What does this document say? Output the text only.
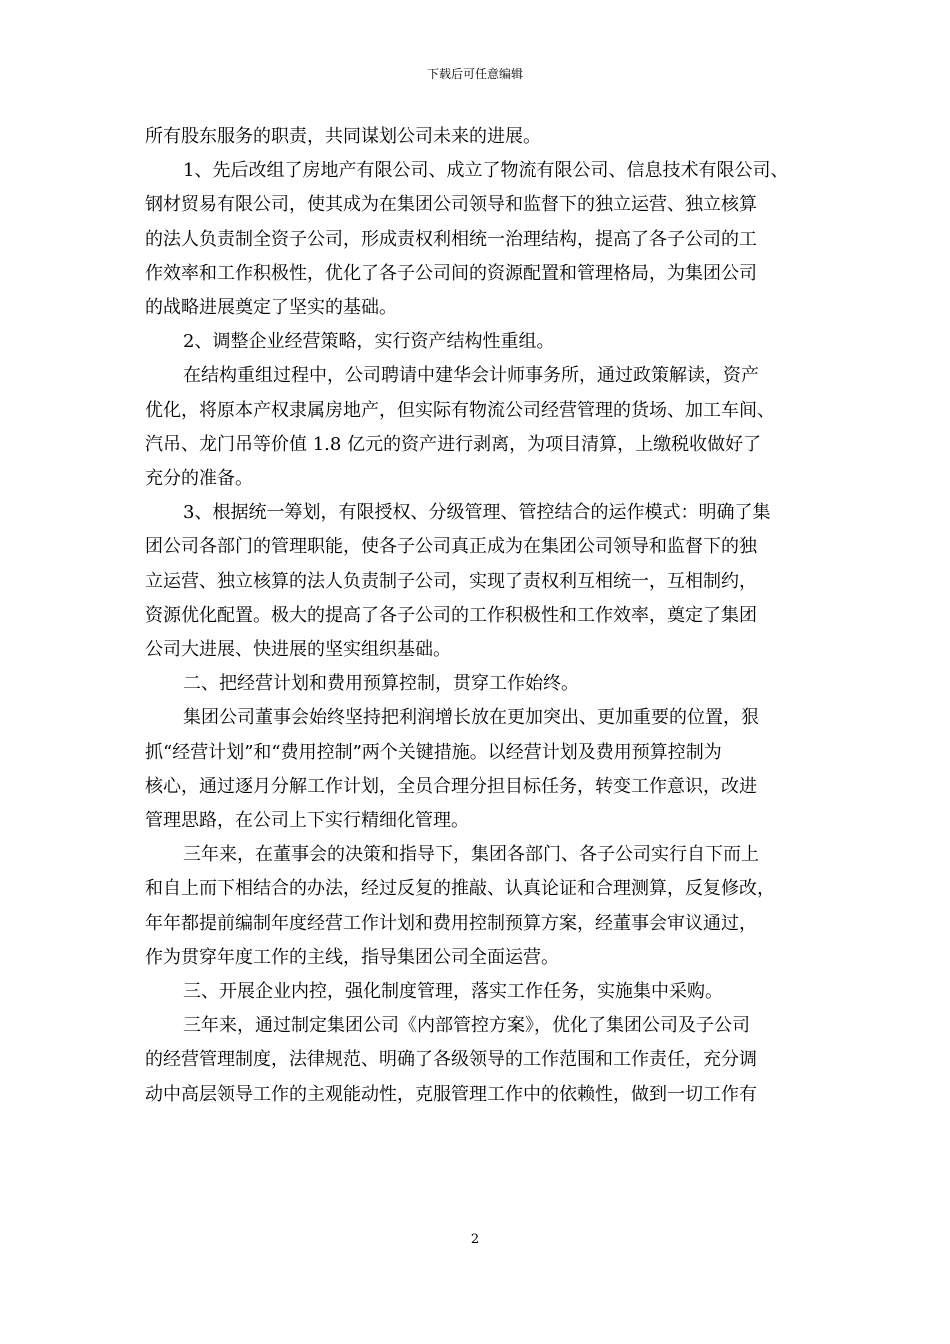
下载后可任意编辑

所有股东服务的职责，共同谋划公司未来的进展。

1、先后改组了房地产有限公司、成立了物流有限公司、信息技术有限公司、

钢材贸易有限公司，使其成为在集团公司领导和监督下的独立运营、独立核算

的法人负责制全资子公司，形成责权利相统一治理结构，提高了各子公司的工

作效率和工作积极性，优化了各子公司间的资源配置和管理格局，为集团公司

的战略进展奠定了坚实的基础。

2、调整企业经营策略，实行资产结构性重组。

在结构重组过程中，公司聘请中建华会计师事务所，通过政策解读，资产

优化，将原本产权隶属房地产，但实际有物流公司经营管理的货场、加工车间、

汽吊、龙门吊等价值 1.8 亿元的资产进行剥离，为项目清算，上缴税收做好了

充分的准备。

3、根据统一筹划，有限授权、分级管理、管控结合的运作模式：明确了集

团公司各部门的管理职能，使各子公司真正成为在集团公司领导和监督下的独

立运营、独立核算的法人负责制子公司，实现了责权利互相统一，互相制约，

资源优化配置。极大的提高了各子公司的工作积极性和工作效率，奠定了集团

公司大进展、快进展的坚实组织基础。

二、把经营计划和费用预算控制，贯穿工作始终。

集团公司董事会始终坚持把利润增长放在更加突出、更加重要的位置，狠

抓“经营计划”和“费用控制”两个关键措施。以经营计划及费用预算控制为

核心，通过逐月分解工作计划，全员合理分担目标任务，转变工作意识，改进

管理思路，在公司上下实行精细化管理。

三年来，在董事会的决策和指导下，集团各部门、各子公司实行自下而上

和自上而下相结合的办法，经过反复的推敲、认真论证和合理测算，反复修改，

年年都提前编制年度经营工作计划和费用控制预算方案，经董事会审议通过，

作为贯穿年度工作的主线，指导集团公司全面运营。

三、开展企业内控，强化制度管理，落实工作任务，实施集中采购。

三年来，通过制定集团公司《内部管控方案》，优化了集团公司及子公司

的经营管理制度，法律规范、明确了各级领导的工作范围和工作责任，充分调

动中高层领导工作的主观能动性，克服管理工作中的依赖性，做到一切工作有

2
